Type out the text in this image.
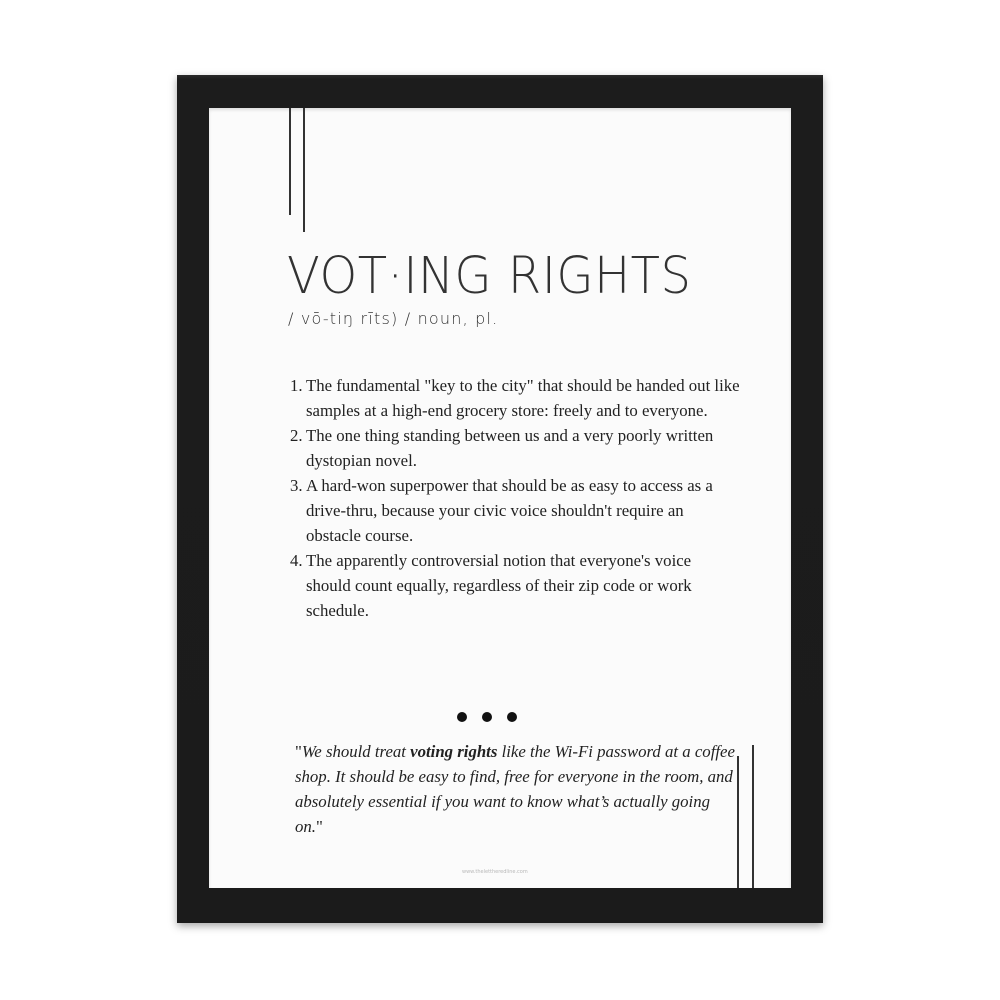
VOT·ING RIGHTS
/ vō-tiŋ rīts) / noun, pl.
1. The fundamental "key to the city" that should be handed out like samples at a high-end grocery store: freely and to everyone.
2. The one thing standing between us and a very poorly written dystopian novel.
3. A hard-won superpower that should be as easy to access as a drive-thru, because your civic voice shouldn't require an obstacle course.
4. The apparently controversial notion that everyone's voice should count equally, regardless of their zip code or work schedule.
"We should treat voting rights like the Wi-Fi password at a coffee shop. It should be easy to find, free for everyone in the room, and absolutely essential if you want to know what’s actually going on."
www.thelettheredline.com
